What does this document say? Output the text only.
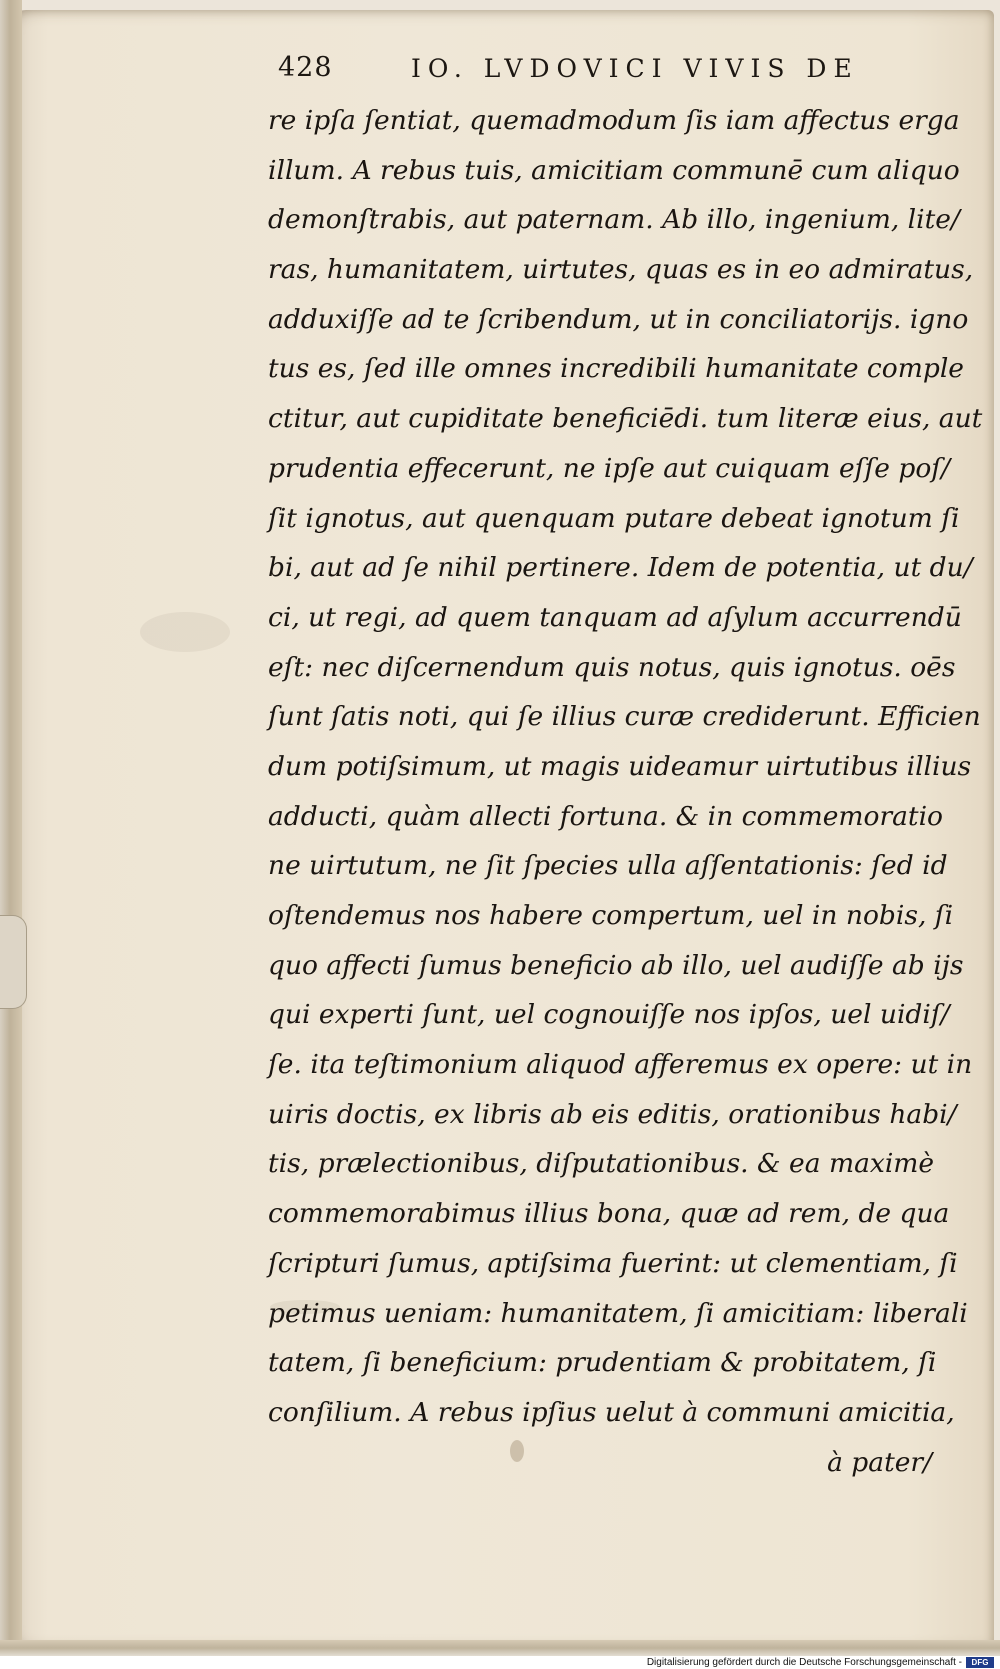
428	IO. LVDOVICI VIVIS DE
re ipſa ſentiat, quemadmodum ſis iam affectus erga
illum. A rebus tuis, amicitiam communē cum aliquo
demonſtrabis, aut paternam. Ab illo, ingenium, lite/
ras, humanitatem, uirtutes, quas es in eo admiratus,
adduxiſſe ad te ſcribendum, ut in conciliatorijs. igno
tus es, ſed ille omnes incredibili humanitate comple
ctitur, aut cupiditate beneficiēdi. tum literæ eius, aut
prudentia effecerunt, ne ipſe aut cuiquam eſſe poſ/
ſit ignotus, aut quenquam putare debeat ignotum ſi
bi, aut ad ſe nihil pertinere. Idem de potentia, ut du/
ci, ut regi, ad quem tanquam ad aſylum accurrendū
eſt: nec diſcernendum quis notus, quis ignotus. oēs
ſunt ſatis noti, qui ſe illius curæ crediderunt. Efficien
dum potiſsimum, ut magis uideamur uirtutibus illius
adducti, quàm allecti fortuna. & in commemoratio
ne uirtutum, ne ſit ſpecies ulla aſſentationis: ſed id
oſtendemus nos habere compertum, uel in nobis, ſi
quo affecti ſumus beneficio ab illo, uel audiſſe ab ijs
qui experti ſunt, uel cognouiſſe nos ipſos, uel uidiſ/
ſe. ita teſtimonium aliquod afferemus ex opere: ut in
uiris doctis, ex libris ab eis editis, orationibus habi/
tis, prælectionibus, diſputationibus. & ea maximè
commemorabimus illius bona, quæ ad rem, de qua
ſcripturi ſumus, aptiſsima fuerint: ut clementiam, ſi
petimus ueniam: humanitatem, ſi amicitiam: liberali
tatem, ſi beneficium: prudentiam & probitatem, ſi
conſilium. A rebus ipſius uelut à communi amicitia,
à pater/
Digitalisierung gefördert durch die Deutsche Forschungsgemeinschaft -	DFG
